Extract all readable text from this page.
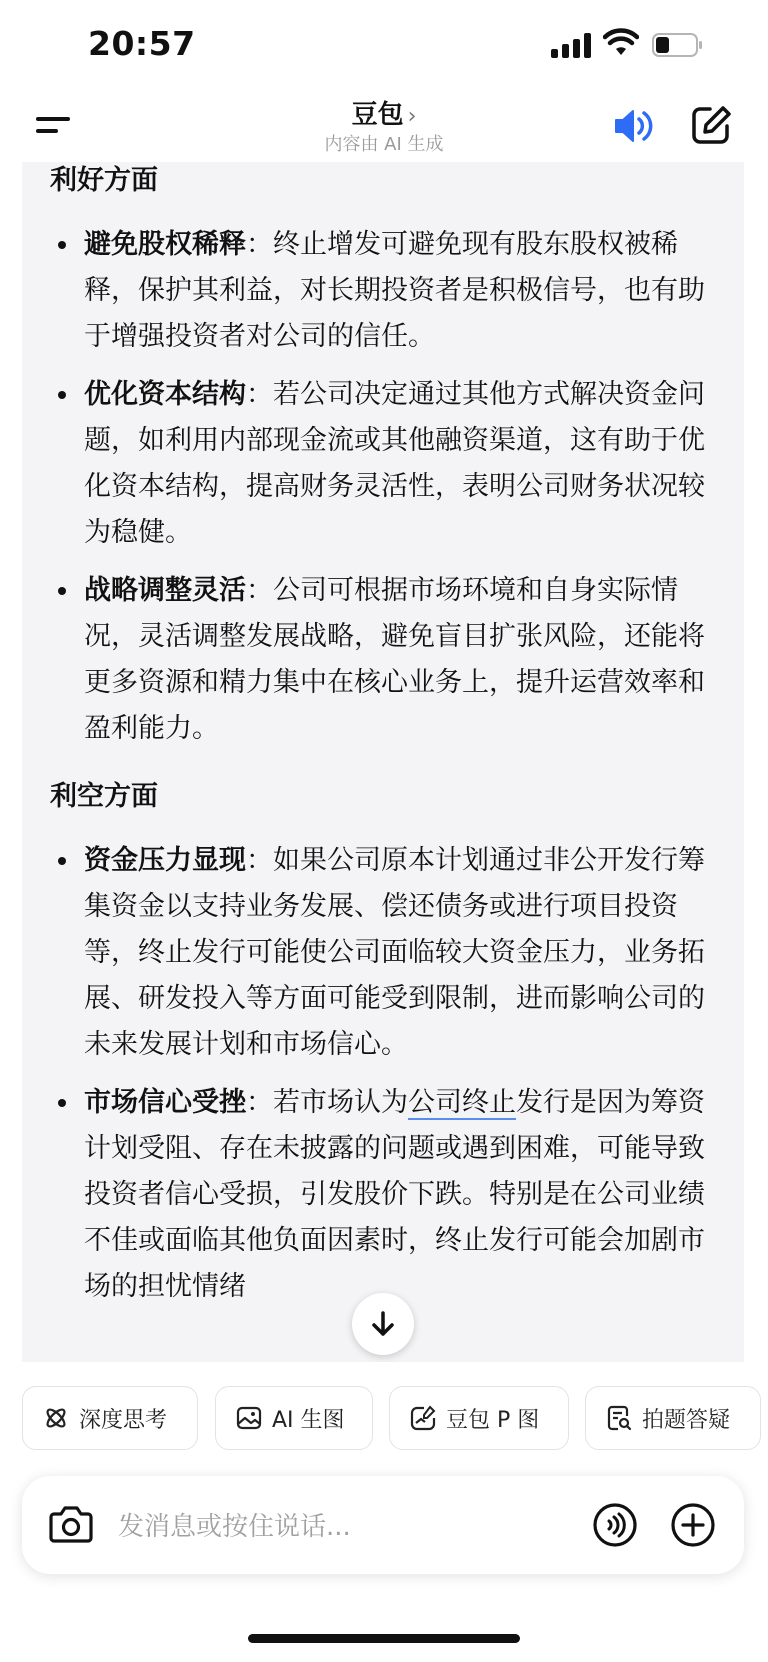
20:57
豆包 ›
内容由 AI 生成

利好方面

避免股权稀释：终止增发可避免现有股东股权被稀释，保护其利益，对长期投资者是积极信号，也有助于增强投资者对公司的信任。
优化资本结构：若公司决定通过其他方式解决资金问题，如利用内部现金流或其他融资渠道，这有助于优化资本结构，提高财务灵活性，表明公司财务状况较为稳健。
战略调整灵活：公司可根据市场环境和自身实际情况，灵活调整发展战略，避免盲目扩张风险，还能将更多资源和精力集中在核心业务上，提升运营效率和盈利能力。

利空方面

资金压力显现：如果公司原本计划通过非公开发行筹集资金以支持业务发展、偿还债务或进行项目投资等，终止发行可能使公司面临较大资金压力，业务拓展、研发投入等方面可能受到限制，进而影响公司的未来发展计划和市场信心。
市场信心受挫：若市场认为公司终止发行是因为筹资计划受阻、存在未披露的问题或遇到困难，可能导致投资者信心受损，引发股价下跌。特别是在公司业绩不佳或面临其他负面因素时，终止发行可能会加剧市场的担忧情绪
深度思考	AI 生图	豆包 P 图	拍题答疑
发消息或按住说话...
